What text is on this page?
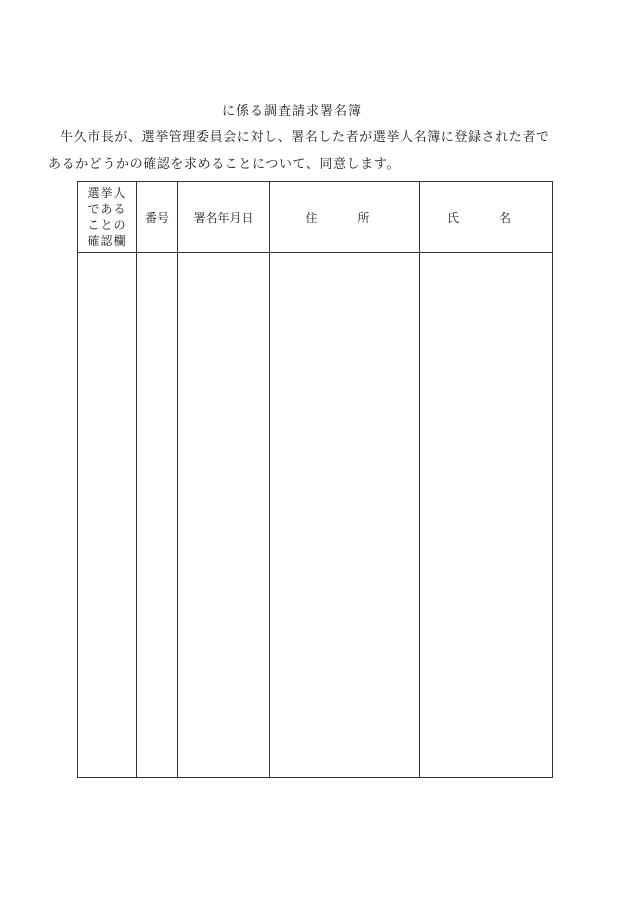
に係る調査請求署名簿
牛久市長が、選挙管理委員会に対し、署名した者が選挙人名簿に登録された者で
あるかどうかの確認を求めることについて、同意します。
選挙人
である
ことの
確認欄	番号	署名年月日	住　所	氏　名
